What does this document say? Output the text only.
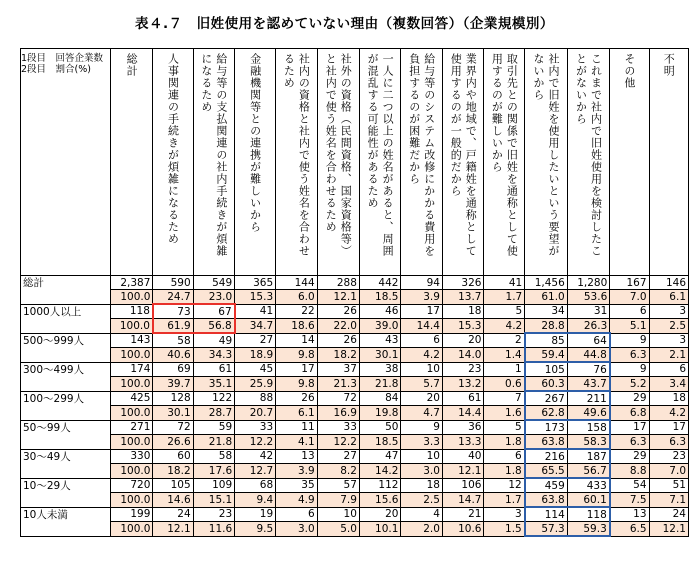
表４.７　旧姓使用を認めていない理由（複数回答）（企業規模別）
1段目　回答企業数
2段目　割合(%)	総計	人事関連の手続きが煩雑になるため	給与等の支払関連の社内手続きが煩雑になるため	金融機関等との連携が難しいから	社内の資格と社内で使う姓名を合わせるため	社外の資格（民間資格、国家資格等）と社内で使う姓名を合わせるため	一人に二つ以上の姓名があると、周囲が混乱する可能性があるため	給与等のシステム改修にかかる費用を負担するのが困難だから	業界内や地域で、戸籍姓を通称として使用するのが一般的だから	取引先との関係で旧姓を通称として使用するのが難しいから	社内で旧姓を使用したいという要望がないから	これまで社内で旧姓使用を検討したことがないから	その他	不明

総計	2,387	590	549	365	144	288	442	94	326	41	1,456	1,280	167	146
	100.0	24.7	23.0	15.3	6.0	12.1	18.5	3.9	13.7	1.7	61.0	53.6	7.0	6.1
1000人以上	118	73	67	41	22	26	46	17	18	5	34	31	6	3
	100.0	61.9	56.8	34.7	18.6	22.0	39.0	14.4	15.3	4.2	28.8	26.3	5.1	2.5
500～999人	143	58	49	27	14	26	43	6	20	2	85	64	9	3
	100.0	40.6	34.3	18.9	9.8	18.2	30.1	4.2	14.0	1.4	59.4	44.8	6.3	2.1
300～499人	174	69	61	45	17	37	38	10	23	1	105	76	9	6
	100.0	39.7	35.1	25.9	9.8	21.3	21.8	5.7	13.2	0.6	60.3	43.7	5.2	3.4
100～299人	425	128	122	88	26	72	84	20	61	7	267	211	29	18
	100.0	30.1	28.7	20.7	6.1	16.9	19.8	4.7	14.4	1.6	62.8	49.6	6.8	4.2
50～99人	271	72	59	33	11	33	50	9	36	5	173	158	17	17
	100.0	26.6	21.8	12.2	4.1	12.2	18.5	3.3	13.3	1.8	63.8	58.3	6.3	6.3
30～49人	330	60	58	42	13	27	47	10	40	6	216	187	29	23
	100.0	18.2	17.6	12.7	3.9	8.2	14.2	3.0	12.1	1.8	65.5	56.7	8.8	7.0
10～29人	720	105	109	68	35	57	112	18	106	12	459	433	54	51
	100.0	14.6	15.1	9.4	4.9	7.9	15.6	2.5	14.7	1.7	63.8	60.1	7.5	7.1
10人未満	199	24	23	19	6	10	20	4	21	3	114	118	13	24
	100.0	12.1	11.6	9.5	3.0	5.0	10.1	2.0	10.6	1.5	57.3	59.3	6.5	12.1
